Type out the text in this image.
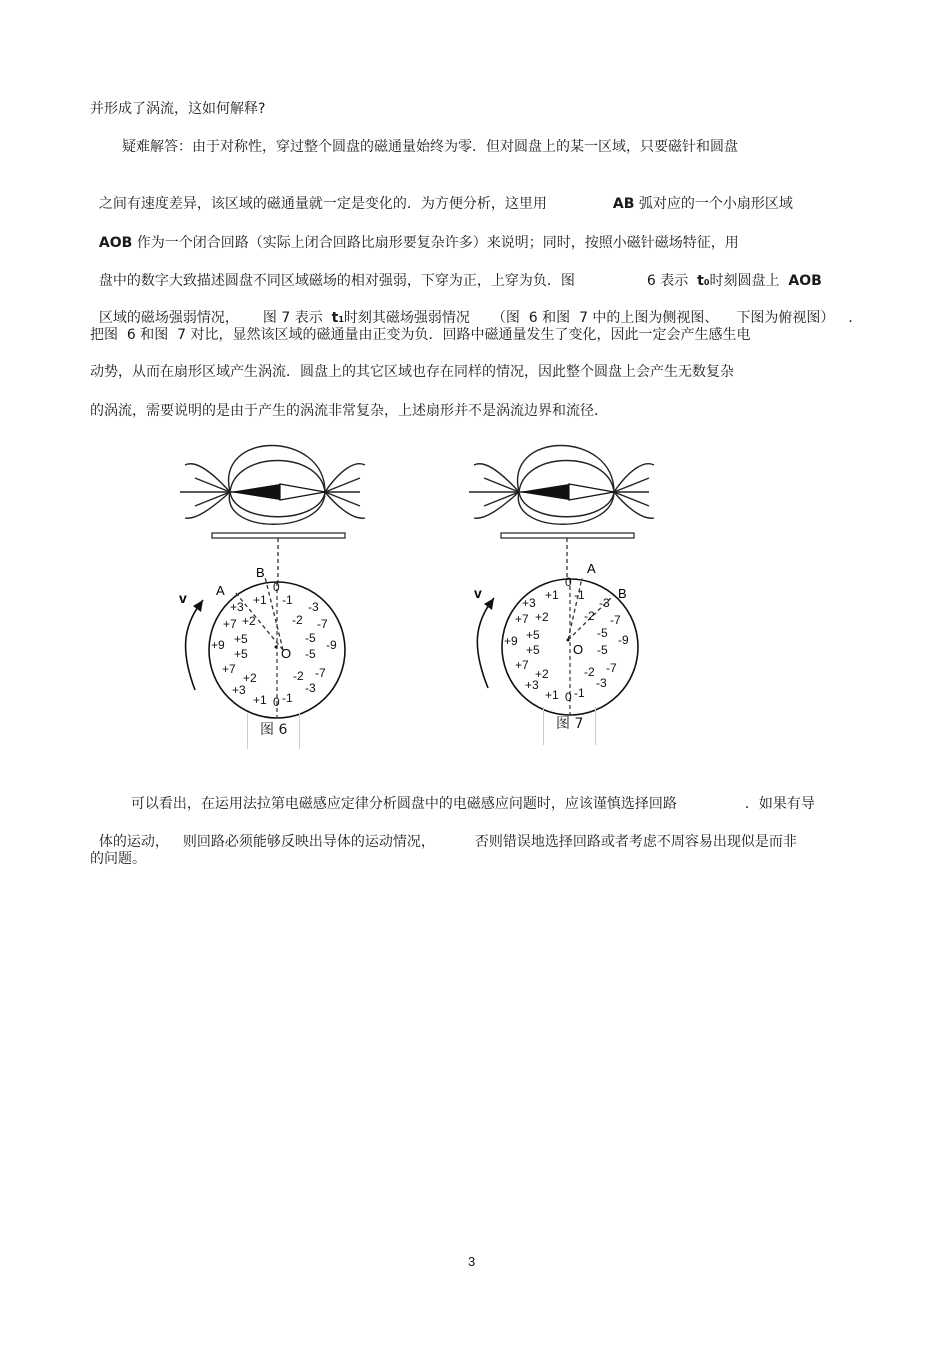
并形成了涡流，这如何解释?
疑难解答：由于对称性，穿过整个圆盘的磁通量始终为零．但对圆盘上的某一区域，只要磁针和圆盘

之间有速度差异，该区域的磁通量就一定是变化的．为方便分析，这里用	AB 弧对应的一个小扇形区域

AOB 作为一个闭合回路（实际上闭合回路比扇形要复杂许多）来说明；同时，按照小磁针磁场特征，用

盘中的数字大致描述圆盘不同区域磁场的相对强弱，下穿为正，上穿为负．图	6 表示 t0时刻圆盘上 AOB

区域的磁场强弱情况， 图 7 表示 t1时刻其磁场强弱情况 （图  6 和图  7 中的上图为侧视图、 下图为俯视图） ．

把图  6 和图  7 对比，显然该区域的磁通量由正变为负．回路中磁通量发生了变化，因此一定会产生感生电
动势，从而在扇形区域产生涡流．圆盘上的其它区域也存在同样的情况，因此整个圆盘上会产生无数复杂
的涡流，需要说明的是由于产生的涡流非常复杂，上述扇形并不是涡流边界和流径．
v A
B
O
0
+1 -1
+3	-3
+7 +2	-2 -7
+5	-5
+9	-9
+5	-5
+7
+2	-2 -7
+3	-3
+1 0 -1
图 6
v
A
B
O
0
+1 -1
+3	-3
+7 +2	-2 -7
+5	-5
+9	-9
+5	-5
+7
+2	-2 -7
+3	-3
+1 0 -1
图 7

可以看出，在运用法拉第电磁感应定律分析圆盘中的电磁感应问题时，应该谨慎选择回路	．如果有导

体的运动， 则回路必须能够反映出导体的运动情况，	否则错误地选择回路或者考虑不周容易出现似是而非

的问题。
3
